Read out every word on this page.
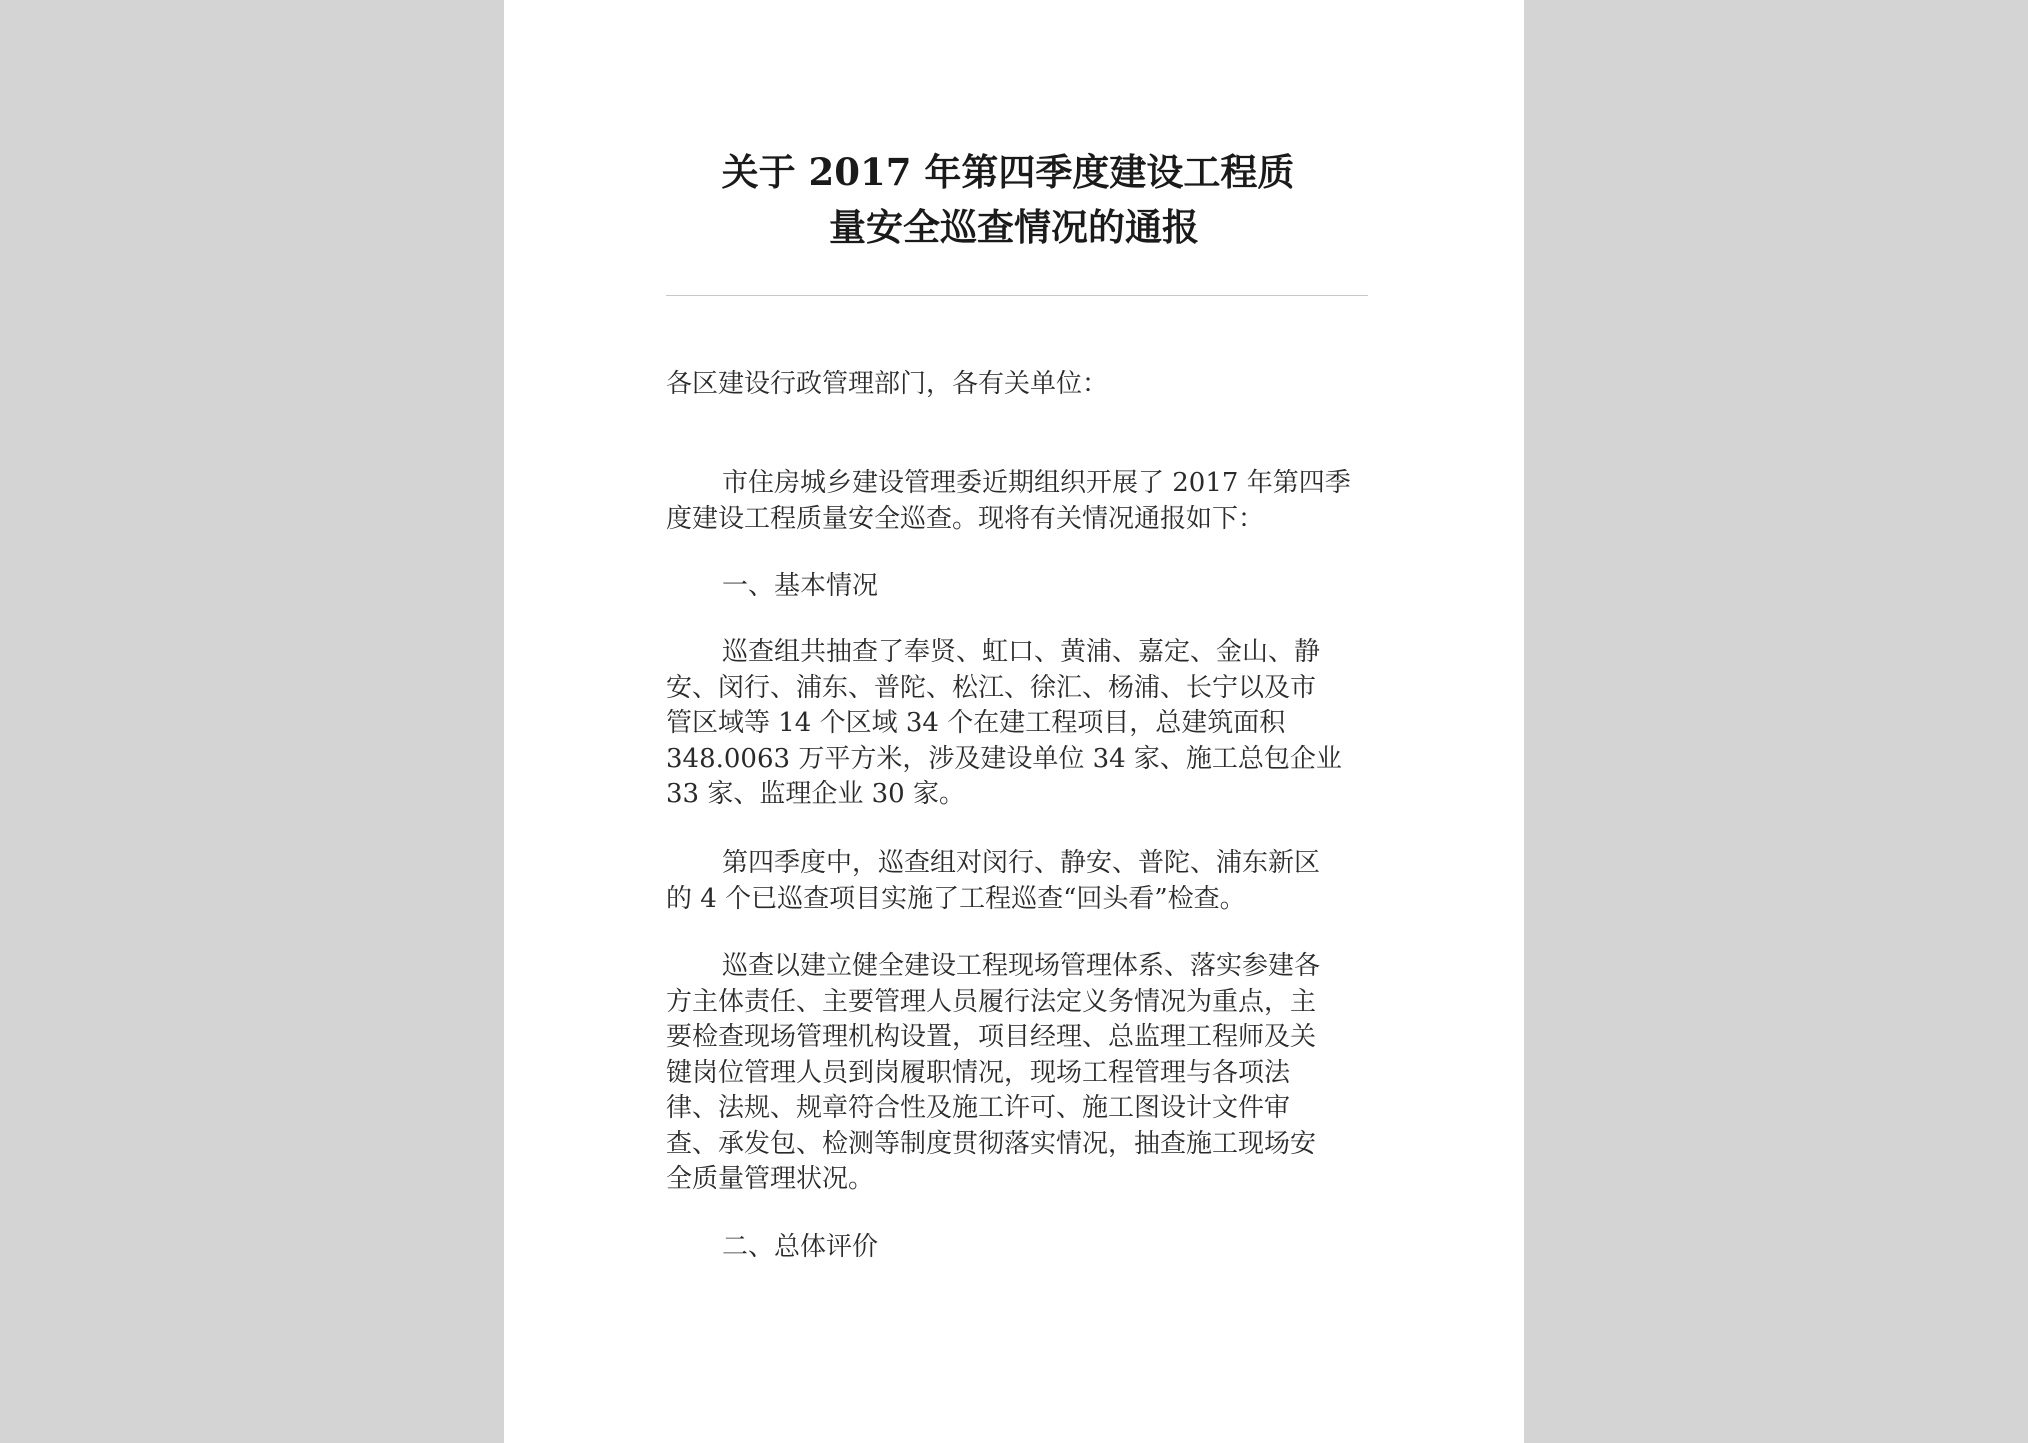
关于 2017 年第四季度建设工程质
量安全巡查情况的通报
各区建设行政管理部门，各有关单位：
市住房城乡建设管理委近期组织开展了 2017 年第四季
度建设工程质量安全巡查。现将有关情况通报如下：
一、基本情况
巡查组共抽查了奉贤、虹口、黄浦、嘉定、金山、静
安、闵行、浦东、普陀、松江、徐汇、杨浦、长宁以及市
管区域等 14 个区域 34 个在建工程项目，总建筑面积
348.0063 万平方米，涉及建设单位 34 家、施工总包企业
33 家、监理企业 30 家。
第四季度中，巡查组对闵行、静安、普陀、浦东新区
的 4 个已巡查项目实施了工程巡查“回头看”检查。
巡查以建立健全建设工程现场管理体系、落实参建各
方主体责任、主要管理人员履行法定义务情况为重点，主
要检查现场管理机构设置，项目经理、总监理工程师及关
键岗位管理人员到岗履职情况，现场工程管理与各项法
律、法规、规章符合性及施工许可、施工图设计文件审
查、承发包、检测等制度贯彻落实情况，抽查施工现场安
全质量管理状况。
二、总体评价
